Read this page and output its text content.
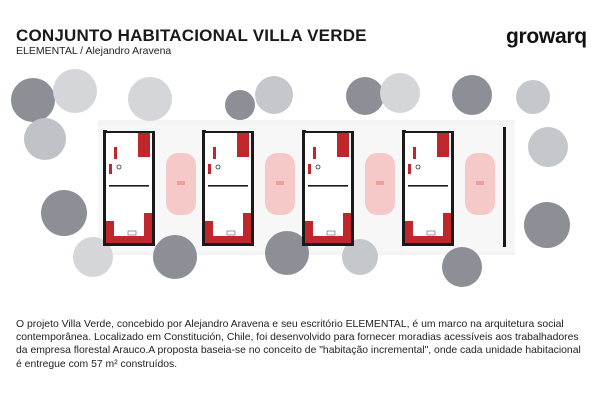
CONJUNTO HABITACIONAL VILLA VERDE
ELEMENTAL / Alejandro Aravena
growarq

O projeto Villa Verde, concebido por Alejandro Aravena e seu escritório ELEMENTAL, é um marco na arquitetura social contemporânea. Localizado em Constitución, Chile, foi desenvolvido para fornecer moradias acessíveis aos trabalhadores da empresa florestal Arauco.A proposta baseia-se no conceito de "habitação incremental", onde cada unidade habitacional é entregue com 57 m² construídos.
